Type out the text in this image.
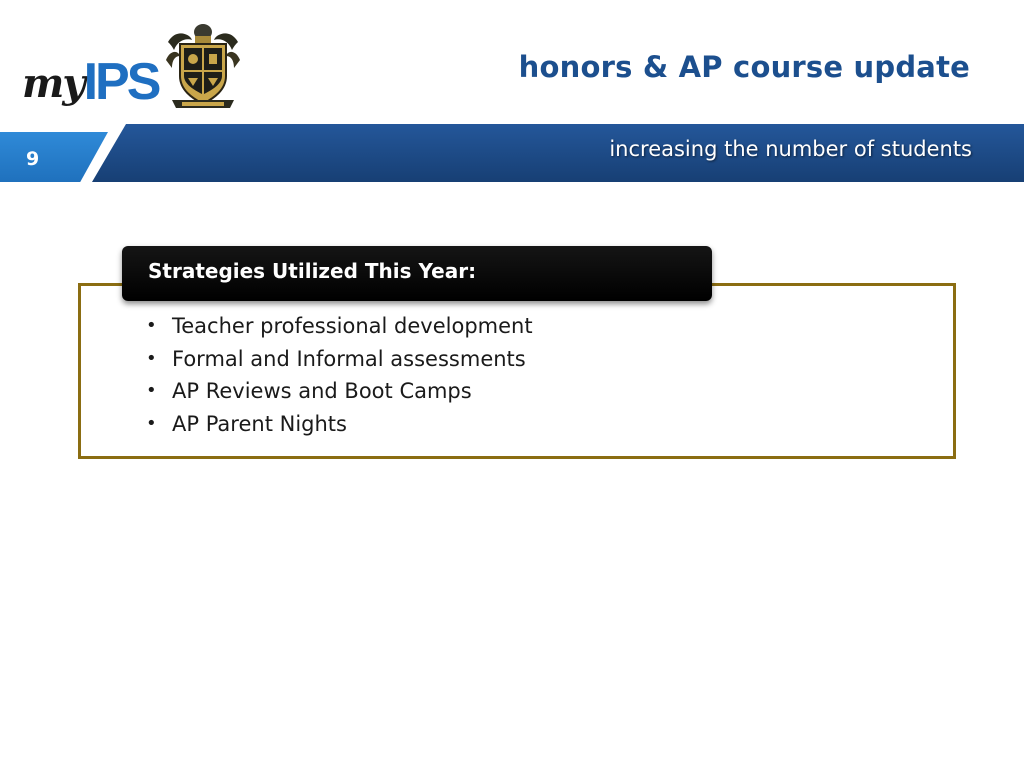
my IPS	honors & AP course update
9	increasing the number of students
Strategies Utilized This Year:
• Teacher professional development
• Formal and Informal assessments
• AP Reviews and Boot Camps
• AP Parent Nights
